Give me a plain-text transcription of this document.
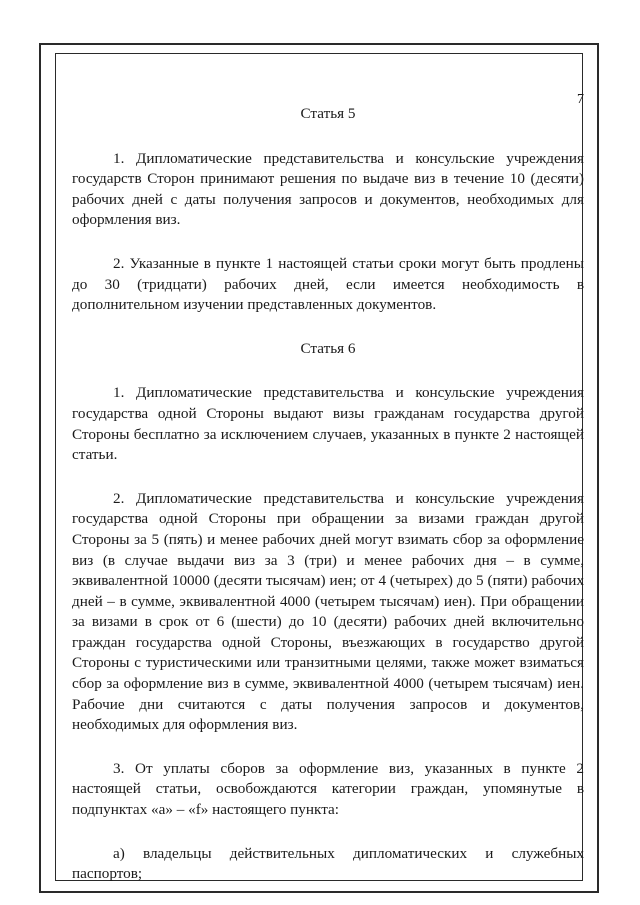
7
Статья 5

1. Дипломатические представительства и консульские учреждения государств Сторон принимают решения по выдаче виз в течение 10 (десяти) рабочих дней с даты получения запросов и документов, необходимых для оформления виз.

2. Указанные в пункте 1 настоящей статьи сроки могут быть продлены до 30 (тридцати) рабочих дней, если имеется необходимость в дополнительном изучении представленных документов.

Статья 6

1. Дипломатические представительства и консульские учреждения государства одной Стороны выдают визы гражданам государства другой Стороны бесплатно за исключением случаев, указанных в пункте 2 настоящей статьи.

2. Дипломатические представительства и консульские учреждения государства одной Стороны при обращении за визами граждан другой Стороны за 5 (пять) и менее рабочих дней могут взимать сбор за оформление виз (в случае выдачи виз за 3 (три) и менее рабочих дня – в сумме, эквивалентной 10000 (десяти тысячам) иен; от 4 (четырех) до 5 (пяти) рабочих дней – в сумме, эквивалентной 4000 (четырем тысячам) иен). При обращении за визами в срок от 6 (шести) до 10 (десяти) рабочих дней включительно граждан государства одной Стороны, въезжающих в государство другой Стороны с туристическими или транзитными целями, также может взиматься сбор за оформление виз в сумме, эквивалентной 4000 (четырем тысячам) иен. Рабочие дни считаются с даты получения запросов и документов, необходимых для оформления виз.

3. От уплаты сборов за оформление виз, указанных в пункте 2 настоящей статьи, освобождаются категории граждан, упомянутые в подпунктах «а» – «f» настоящего пункта:

а) владельцы действительных дипломатических и служебных паспортов;
